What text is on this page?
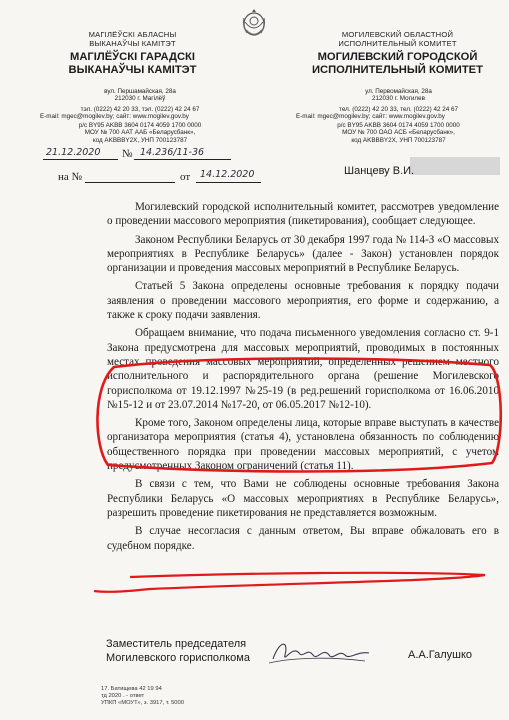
МАГІЛЁЎСКІ АБЛАСНЫ
ВЫКАНАЎЧЫ КАМІТЭТ
МАГІЛЁЎСКІ ГАРАДСКІ
ВЫКАНАЎЧЫ КАМІТЭТ
МОГИЛЕВСКИЙ ОБЛАСТНОЙ
ИСПОЛНИТЕЛЬНЫЙ КОМИТЕТ
МОГИЛЕВСКИЙ ГОРОДСКОЙ
ИСПОЛНИТЕЛЬНЫЙ КОМИТЕТ
вул. Першамайская, 28а
212030 г. Магілёў
тэл. (0222) 42 20 33, тэл. (0222) 42 24 67
E-mail: mgec@mogilev.by; сайт: www.mogilev.gov.by
р/с BY95 AKBB 3604 0174 4059 1700 0000
МОУ № 700 ААТ ААБ «Беларусбанк»,
код AKBBBY2X, УНП 700123787
ул. Первомайская, 28а
212030 г. Могилев
тел. (0222) 42 20 33, тел. (0222) 42 24 67
E-mail: mgec@mogilev.by; сайт: www.mogilev.gov.by
р/с BY95 AKBB 3604 0174 4059 1700 0000
МОУ № 700 ОАО АСБ «Беларусбанк»,
код AKBBBY2X, УНП 700123787
21.12.2020 № 14.236/11-36
на №	от 14.12.2020	Шанцеву В.И.

Могилевский городской исполнительный комитет, рассмотрев уведомление о проведении массового мероприятия (пикетирования), сообщает следующее.

Законом Республики Беларусь от 30 декабря 1997 года № 114-З «О массовых мероприятиях в Республике Беларусь» (далее - Закон) установлен порядок организации и проведения массовых мероприятий в Республике Беларусь.

Статьей 5 Закона определены основные требования к порядку подачи заявления о проведении массового мероприятия, его форме и содержанию, а также к сроку подачи заявления.

Обращаем внимание, что подача письменного уведомления согласно ст. 9-1 Закона предусмотрена для массовых мероприятий, проводимых в постоянных местах проведения массовых мероприятий, определенных решением местного исполнительного и распорядительного органа (решение Могилевского горисполкома от 19.12.1997 №25-19 (в ред.решений горисполкома от 16.06.2010 №15-12 и от 23.07.2014 №17-20, от 06.05.2017 №12-10).

Кроме того, Законом определены лица, которые вправе выступать в качестве организатора мероприятия (статья 4), установлена обязанность по соблюдению общественного порядка при проведении массовых мероприятий, с учетом предусмотренных Законом ограничений (статья 11).

В связи с тем, что Вами не соблюдены основные требования Закона Республики Беларусь «О массовых мероприятиях в Республике Беларусь», разрешить проведение пикетирования не представляется возможным.

В случае несогласия с данным ответом, Вы вправе обжаловать его в судебном порядке.

Заместитель председателя
Могилевского горисполкома	А.А.Галушко
17. Батищева 42 19 94
тд 2020 . - ответ
УПКП «МОУТ», з. 3917, т. 5000
